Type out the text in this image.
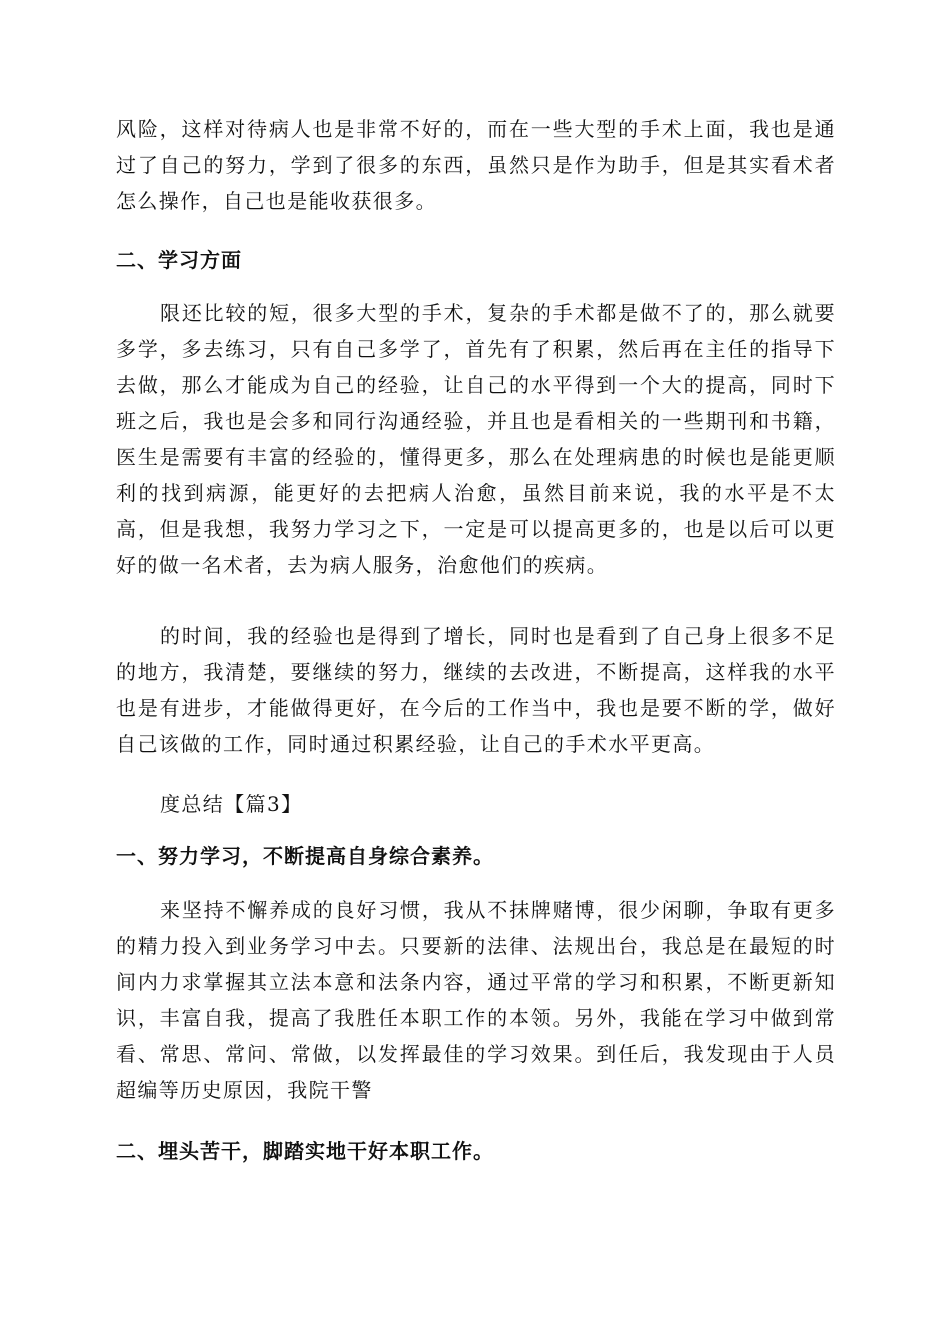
风险，这样对待病人也是非常不好的，而在一些大型的手术上面，我也是通过了自己的努力，学到了很多的东西，虽然只是作为助手，但是其实看术者怎么操作，自己也是能收获很多。

二、学习方面

限还比较的短，很多大型的手术，复杂的手术都是做不了的，那么就要多学，多去练习，只有自己多学了，首先有了积累，然后再在主任的指导下去做，那么才能成为自己的经验，让自己的水平得到一个大的提高，同时下班之后，我也是会多和同行沟通经验，并且也是看相关的一些期刊和书籍，医生是需要有丰富的经验的，懂得更多，那么在处理病患的时候也是能更顺利的找到病源，能更好的去把病人治愈，虽然目前来说，我的水平是不太高，但是我想，我努力学习之下，一定是可以提高更多的，也是以后可以更好的做一名术者，去为病人服务，治愈他们的疾病。

的时间，我的经验也是得到了增长，同时也是看到了自己身上很多不足的地方，我清楚，要继续的努力，继续的去改进，不断提高，这样我的水平也是有进步，才能做得更好，在今后的工作当中，我也是要不断的学，做好自己该做的工作，同时通过积累经验，让自己的手术水平更高。

度总结【篇3】

一、努力学习，不断提高自身综合素养。

来坚持不懈养成的良好习惯，我从不抹牌赌博，很少闲聊，争取有更多的精力投入到业务学习中去。只要新的法律、法规出台，我总是在最短的时间内力求掌握其立法本意和法条内容，通过平常的学习和积累，不断更新知识，丰富自我，提高了我胜任本职工作的本领。另外，我能在学习中做到常看、常思、常问、常做，以发挥最佳的学习效果。到任后，我发现由于人员超编等历史原因，我院干警

二、埋头苦干，脚踏实地干好本职工作。
